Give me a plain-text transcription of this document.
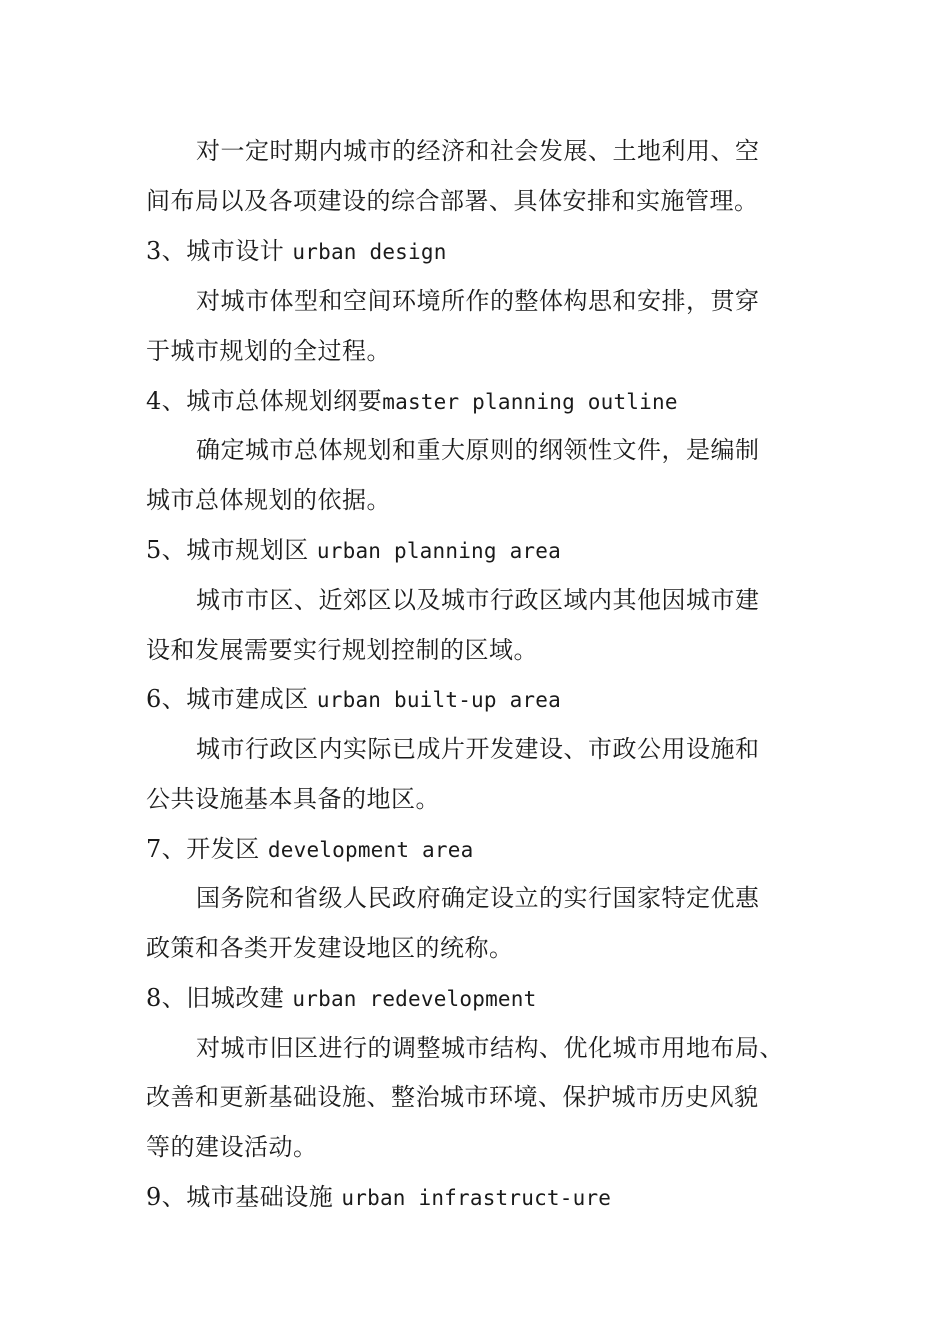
对一定时期内城市的经济和社会发展、土地利用、空
间布局以及各项建设的综合部署、具体安排和实施管理。
3、城市设计 urban design
对城市体型和空间环境所作的整体构思和安排，贯穿
于城市规划的全过程。
4、城市总体规划纲要master planning outline
确定城市总体规划和重大原则的纲领性文件，是编制
城市总体规划的依据。
5、城市规划区 urban planning area
城市市区、近郊区以及城市行政区域内其他因城市建
设和发展需要实行规划控制的区域。
6、城市建成区 urban built-up area
城市行政区内实际已成片开发建设、市政公用设施和
公共设施基本具备的地区。
7、开发区 development area
国务院和省级人民政府确定设立的实行国家特定优惠
政策和各类开发建设地区的统称。
8、旧城改建 urban redevelopment
对城市旧区进行的调整城市结构、优化城市用地布局、
改善和更新基础设施、整治城市环境、保护城市历史风貌
等的建设活动。
9、城市基础设施 urban infrastruct-ure
